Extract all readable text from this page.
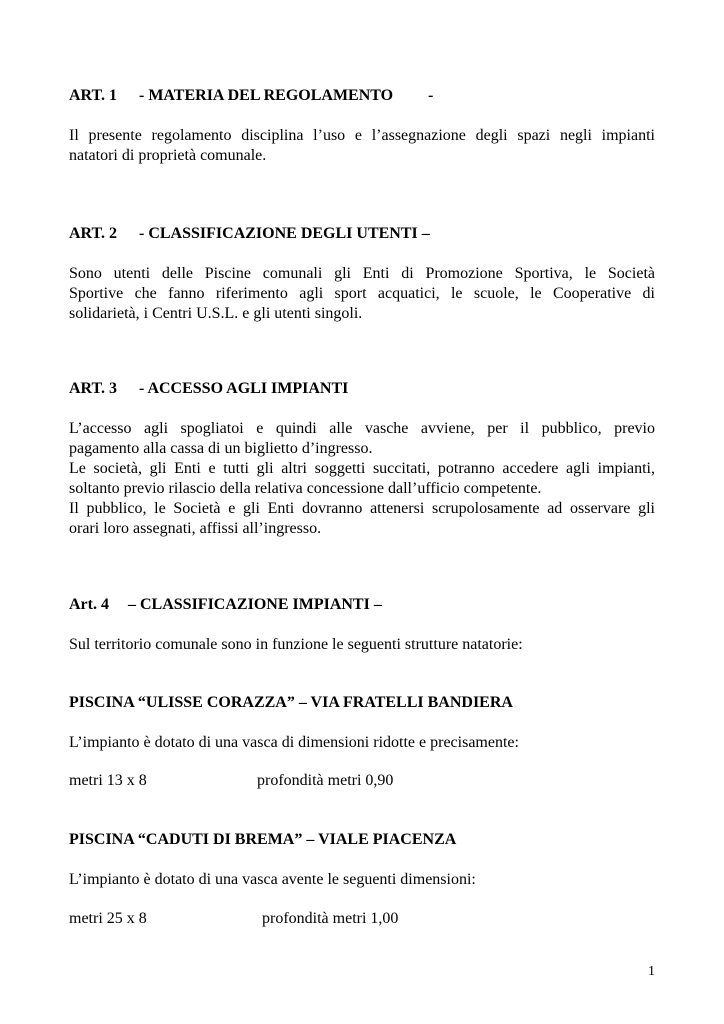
ART. 1 - MATERIA DEL REGOLAMENTO -
Il presente regolamento disciplina l’uso e l’assegnazione degli spazi negli impianti
natatori di proprietà comunale.
ART. 2 - CLASSIFICAZIONE DEGLI UTENTI –
Sono utenti delle Piscine comunali gli Enti di Promozione Sportiva, le Società
Sportive che fanno riferimento agli sport acquatici, le scuole, le Cooperative di
solidarietà, i Centri U.S.L. e gli utenti singoli.
ART. 3 - ACCESSO AGLI IMPIANTI
L’accesso agli spogliatoi e quindi alle vasche avviene, per il pubblico, previo
pagamento alla cassa di un biglietto d’ingresso.
Le società, gli Enti e tutti gli altri soggetti succitati, potranno accedere agli impianti,
soltanto previo rilascio della relativa concessione dall’ufficio competente.
Il pubblico, le Società e gli Enti dovranno attenersi scrupolosamente ad osservare gli
orari loro assegnati, affissi all’ingresso.
Art. 4 – CLASSIFICAZIONE IMPIANTI –
Sul territorio comunale sono in funzione le seguenti strutture natatorie:
PISCINA “ULISSE CORAZZA” – VIA FRATELLI BANDIERA
L’impianto è dotato di una vasca di dimensioni ridotte e precisamente:
metri 13 x 8	profondità metri 0,90
PISCINA “CADUTI DI BREMA” – VIALE PIACENZA
L’impianto è dotato di una vasca avente le seguenti dimensioni:
metri 25 x 8	profondità metri 1,00
1
